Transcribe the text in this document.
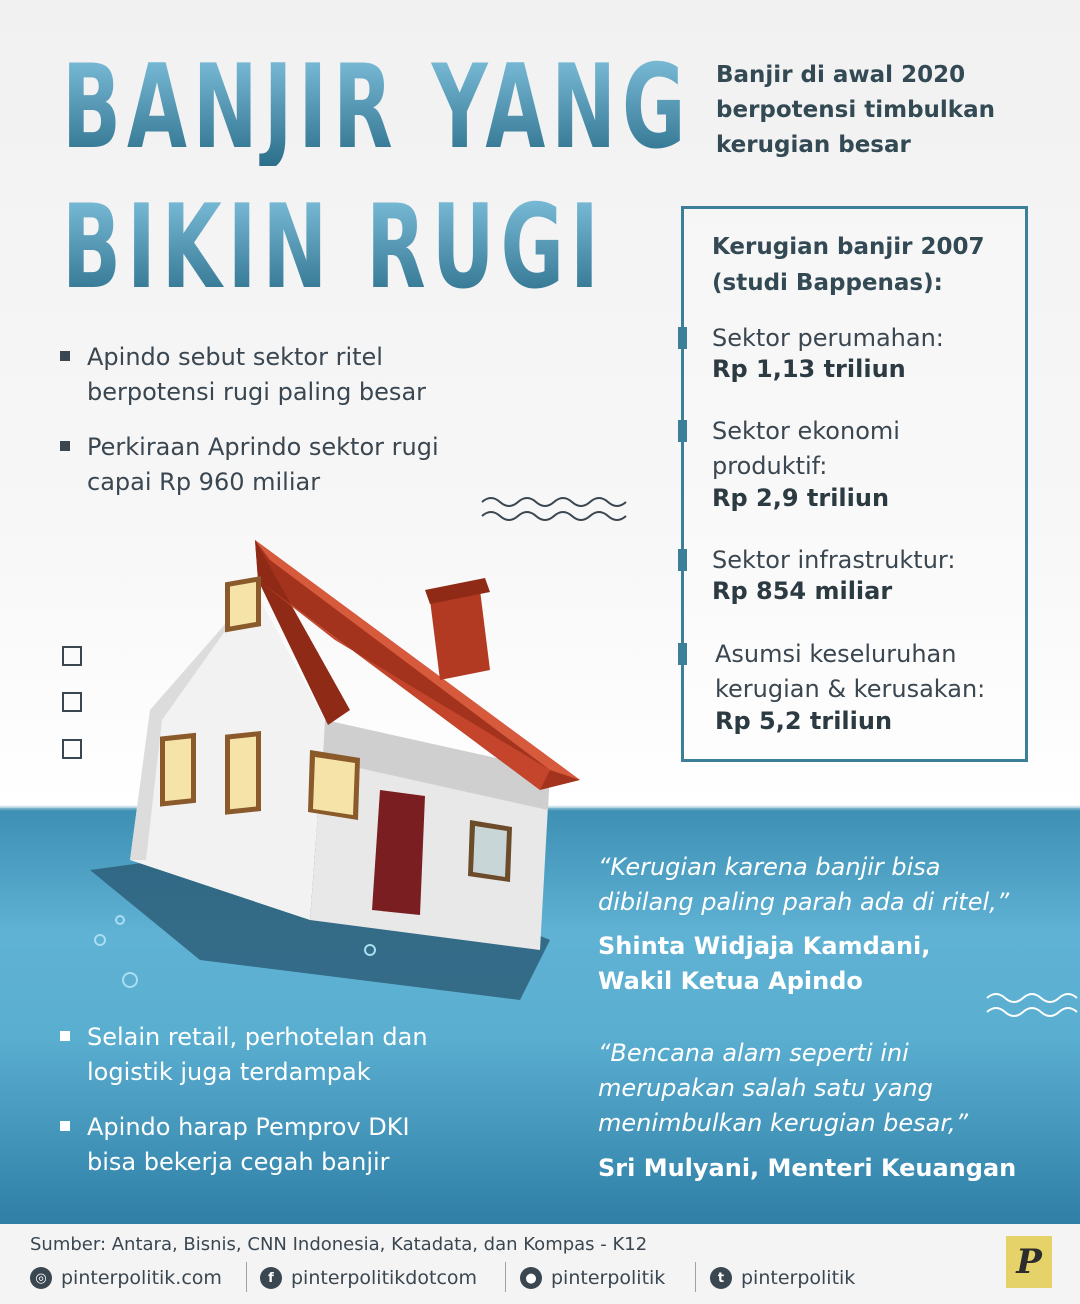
BANJIR YANG
BIKIN RUGI

Banjir di awal 2020 berpotensi timbulkan kerugian besar

Kerugian banjir 2007 (studi Bappenas):

Sektor perumahan:

Rp 1,13 triliun

Sektor ekonomi produktif:

Rp 2,9 triliun

Sektor infrastruktur:

Rp 854 miliar

Asumsi keseluruhan kerugian & kerusakan:

Rp 5,2 triliun

Apindo sebut sektor ritel berpotensi rugi paling besar
Perkiraan Aprindo sektor rugi capai Rp 960 miliar
Selain retail, perhotelan dan logistik juga terdampak
Apindo harap Pemprov DKI bisa bekerja cegah banjir

“Kerugian karena banjir bisa dibilang paling parah ada di ritel,”

Shinta Widjaja Kamdani, Wakil Ketua Apindo

“Bencana alam seperti ini merupakan salah satu yang menimbulkan kerugian besar,”

Sri Mulyani, Menteri Keuangan

Sumber: Antara, Bisnis, CNN Indonesia, Katadata, dan Kompas - K12

◎ pinterpolitik.com	f pinterpolitikdotcom	● pinterpolitik	t pinterpolitik	P
